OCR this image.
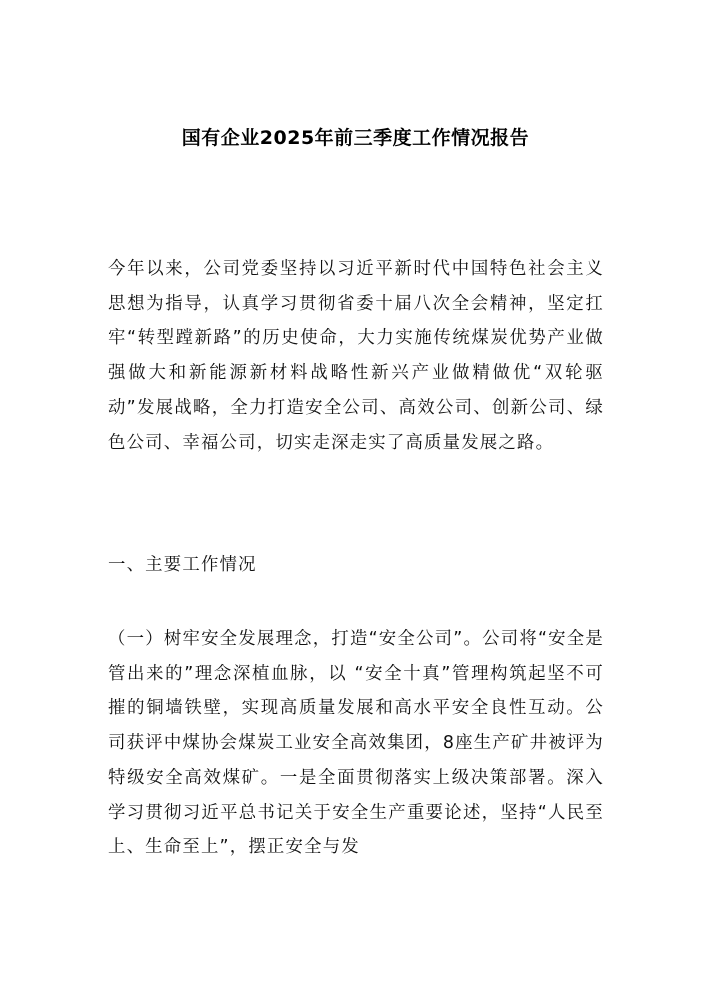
国有企业2025年前三季度工作情况报告

今年以来，公司党委坚持以习近平新时代中国特色社会主义思想为指导，认真学习贯彻省委十届八次全会精神，坚定扛牢“转型蹚新路”的历史使命，大力实施传统煤炭优势产业做强做大和新能源新材料战略性新兴产业做精做优“双轮驱动”发展战略，全力打造安全公司、高效公司、创新公司、绿色公司、幸福公司，切实走深走实了高质量发展之路。

一、主要工作情况

（一）树牢安全发展理念，打造“安全公司”。公司将“安全是管出来的”理念深植血脉，以 “安全十真”管理构筑起坚不可摧的铜墙铁壁，实现高质量发展和高水平安全良性互动。公司获评中煤协会煤炭工业安全高效集团，8座生产矿井被评为特级安全高效煤矿。一是全面贯彻落实上级决策部署。深入学习贯彻习近平总书记关于安全生产重要论述，坚持“人民至上、生命至上”，摆正安全与发
